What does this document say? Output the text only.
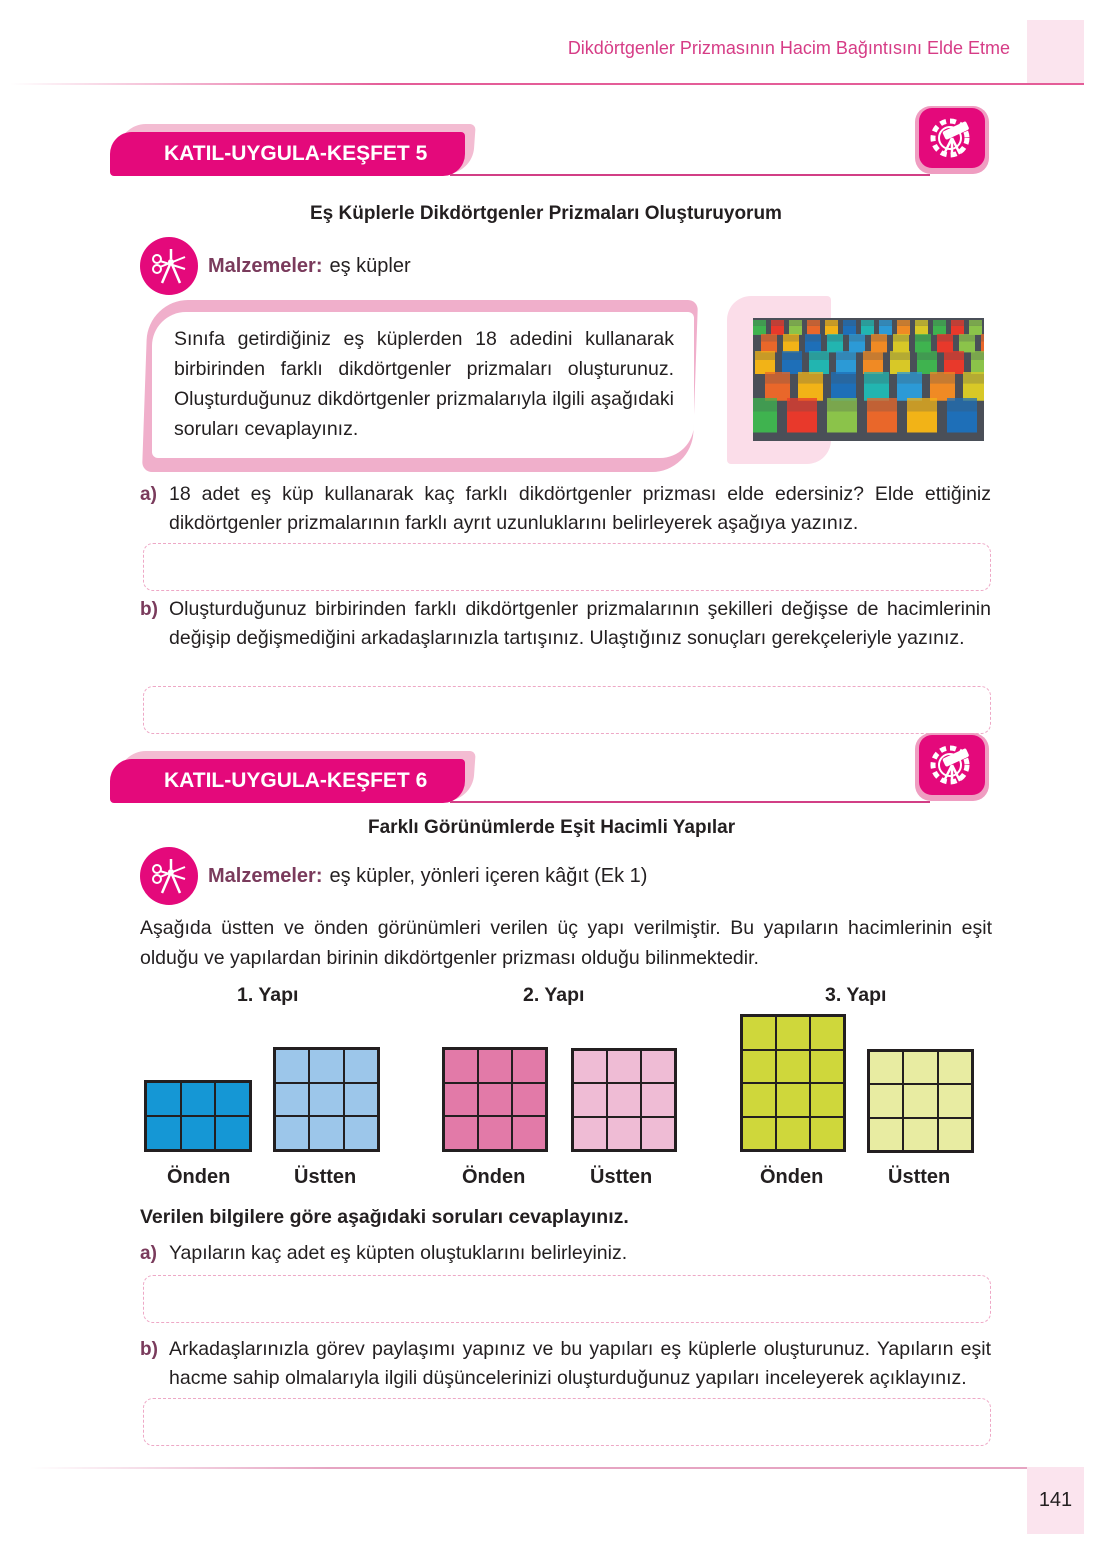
Dikdörtgenler Prizmasının Hacim Bağıntısını Elde Etme
KATIL-UYGULA-KEŞFET 5
Eş Küplerle Dikdörtgenler Prizmaları Oluşturuyorum
Malzemeler: eş küpler
Sınıfa getirdiğiniz eş küplerden 18 adedini kullanarak birbirinden farklı dikdörtgenler prizmaları oluşturunuz. Oluşturduğunuz dikdörtgenler prizmalarıyla ilgili aşağıdaki soruları cevaplayınız.
a) 18 adet eş küp kullanarak kaç farklı dikdörtgenler prizması elde edersiniz? Elde ettiğiniz dikdörtgenler prizmalarının farklı ayrıt uzunluklarını belirleyerek aşağıya yazınız.
b) Oluşturduğunuz birbirinden farklı dikdörtgenler prizmalarının şekilleri değişse de hacimlerinin değişip değişmediğini arkadaşlarınızla tartışınız. Ulaştığınız sonuçları gerekçeleriyle yazınız.
KATIL-UYGULA-KEŞFET 6
Farklı Görünümlerde Eşit Hacimli Yapılar
Malzemeler: eş küpler, yönleri içeren kâğıt (Ek 1)
Aşağıda üstten ve önden görünümleri verilen üç yapı verilmiştir. Bu yapıların hacimlerinin eşit olduğu ve yapılardan birinin dikdörtgenler prizması olduğu bilinmektedir.
1. Yapı	2. Yapı	3. Yapı
Önden	Üstten	Önden	Üstten	Önden	Üstten
Verilen bilgilere göre aşağıdaki soruları cevaplayınız.
a) Yapıların kaç adet eş küpten oluştuklarını belirleyiniz.
b) Arkadaşlarınızla görev paylaşımı yapınız ve bu yapıları eş küplerle oluşturunuz. Yapıların eşit hacme sahip olmalarıyla ilgili düşüncelerinizi oluşturduğunuz yapıları inceleyerek açıklayınız.
141
